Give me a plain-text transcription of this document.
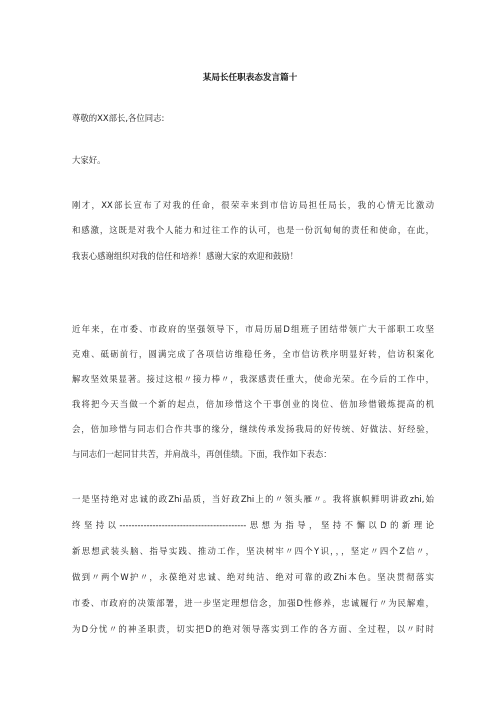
某局长任职表态发言篇十
尊敬的XX部长,各位同志:
大家好。
刚才，XX部长宣布了对我的任命，很荣幸来到市信访局担任局长，我的心情无比激动
和感激，这既是对我个人能力和过往工作的认可，也是一份沉甸甸的责任和使命，在此，
我衷心感谢组织对我的信任和培养！感谢大家的欢迎和鼓励！
近年来，在市委、市政府的坚强领导下，市局历届D组班子团结带领广大干部职工攻坚
克难、砥砺前行，圆满完成了各项信访维稳任务，全市信访秩序明显好转，信访积案化
解攻坚效果显著。接过这根〃接力棒〃，我深感责任重大，使命光荣。在今后的工作中，
我将把今天当做一个新的起点，倍加珍惜这个干事创业的岗位、倍加珍惜锻炼提高的机
会，倍加珍惜与同志们合作共事的缘分，继续传承发扬我局的好传统、好做法、好经验，
与同志们一起同甘共苦，并肩战斗，再创佳绩。下面，我作如下表态：
一是坚持绝对忠诚的政Zhi品质，当好政Zhi上的〃领头雁〃。我将旗帜鲜明讲政zhi,始
终坚持以------------------------------------------思想为指导，坚持不懈以D的新理论
新思想武装头脑、指导实践、推动工作，坚决树牢〃四个Y识，，，坚定〃四个Z信〃，
做到〃两个W护〃，永葆绝对忠诚、绝对纯洁、绝对可靠的政Zhi本色。坚决贯彻落实
市委、市政府的决策部署，进一步坚定理想信念，加强D性修养，忠诚履行〃为民解难，
为D分忧〃的神圣职责，切实把D的绝对领导落实到工作的各方面、全过程，以〃时时
